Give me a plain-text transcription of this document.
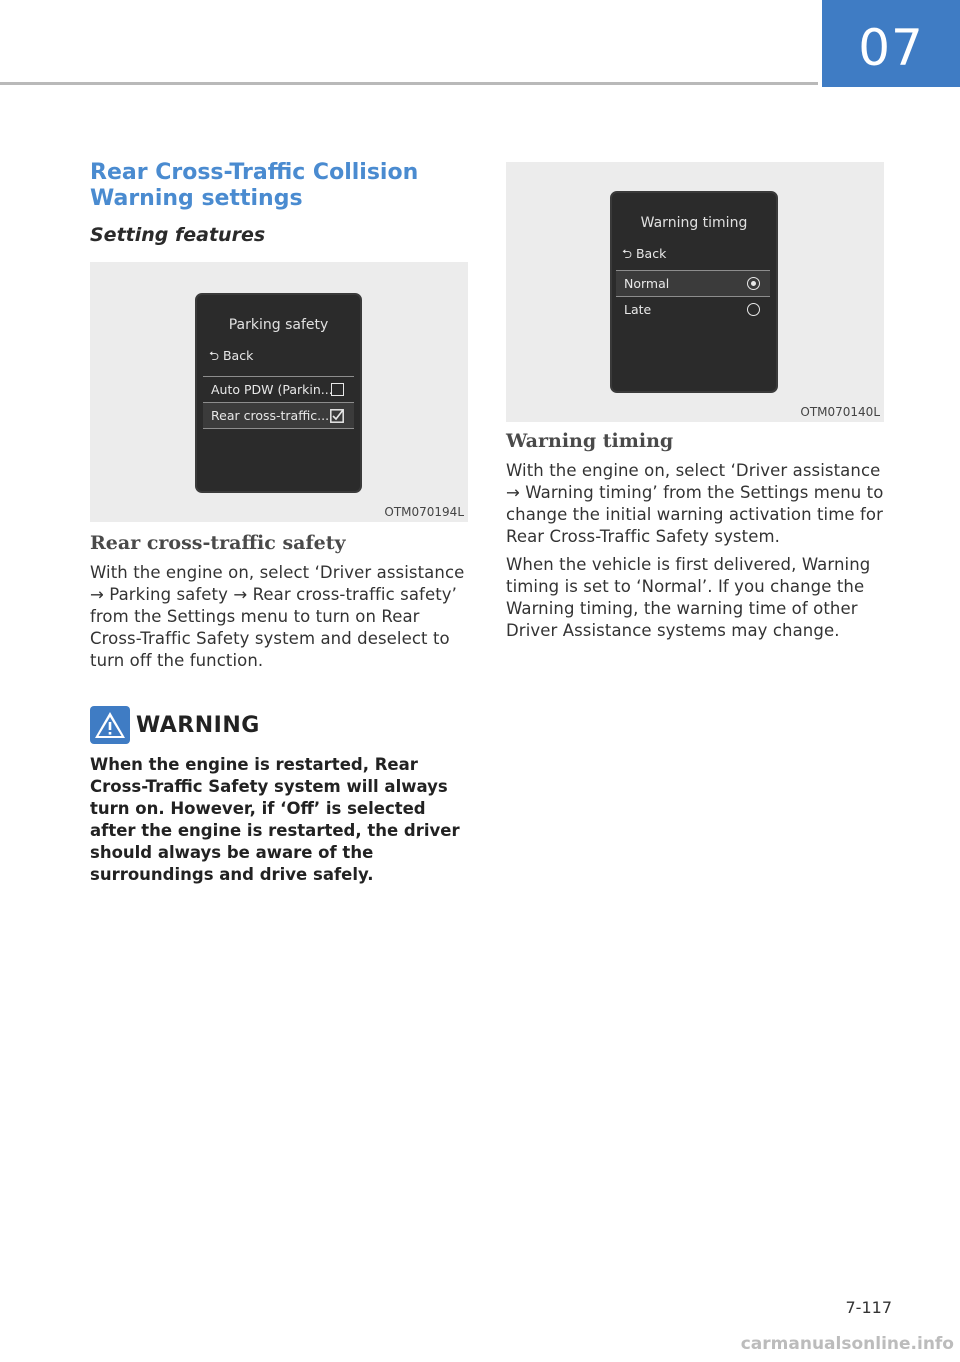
07
Rear Cross-Traffic Collision Warning settings
Setting features
Parking safety
⮌ Back
Auto PDW (Parkin...
Rear cross-traffic...
OTM070194L
Rear cross-traffic safety

With the engine on, select ‘Driver assistance → Parking safety → Rear cross-traffic safety’ from the Settings menu to turn on Rear Cross-Traffic Safety system and deselect to turn off the function.

WARNING

When the engine is restarted, Rear Cross-Traffic Safety system will always turn on. However, if ‘Off’ is selected after the engine is restarted, the driver should always be aware of the surroundings and drive safely.

Warning timing
⮌ Back
Normal
Late
OTM070140L
Warning timing

With the engine on, select ‘Driver assistance → Warning timing’ from the Settings menu to change the initial warning activation time for Rear Cross-Traffic Safety system.

When the vehicle is first delivered, Warning timing is set to ‘Normal’. If you change the Warning timing, the warning time of other Driver Assistance systems may change.

7-117
carmanualsonline.info
